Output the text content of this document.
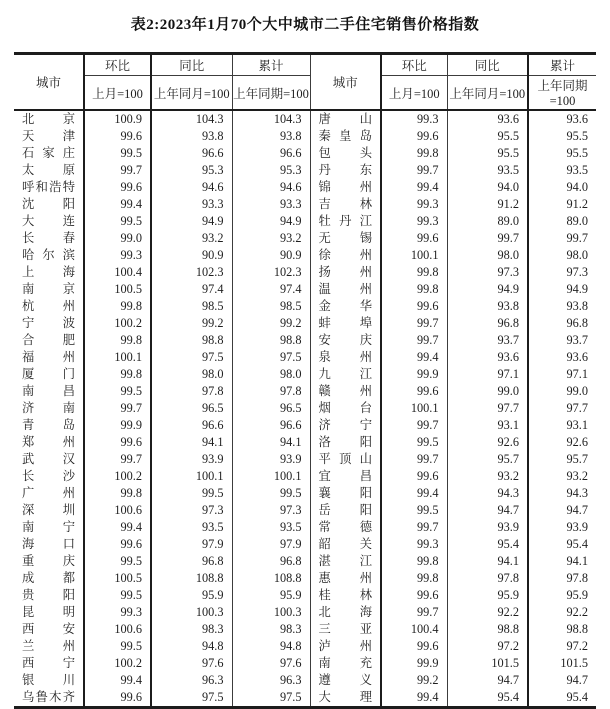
表2:2023年1月70个大中城市二手住宅销售价格指数
城市	环比	同比	累计	城市	环比	同比	累计
	上月=100	上年同月=100	上年同期=100		上月=100	上年同月=100	上年同期=100
北京	100.9	104.3	104.3	唐山	99.3	93.6	93.6
天津	99.6	93.8	93.8	秦皇岛	99.6	95.5	95.5
石家庄	99.5	96.6	96.6	包头	99.8	95.5	95.5
太原	99.7	95.3	95.3	丹东	99.7	93.5	93.5
呼和浩特	99.6	94.6	94.6	锦州	99.4	94.0	94.0
沈阳	99.4	93.3	93.3	吉林	99.3	91.2	91.2
大连	99.5	94.9	94.9	牡丹江	99.3	89.0	89.0
长春	99.0	93.2	93.2	无锡	99.6	99.7	99.7
哈尔滨	99.3	90.9	90.9	徐州	100.1	98.0	98.0
上海	100.4	102.3	102.3	扬州	99.8	97.3	97.3
南京	100.5	97.4	97.4	温州	99.8	94.9	94.9
杭州	99.8	98.5	98.5	金华	99.6	93.8	93.8
宁波	100.2	99.2	99.2	蚌埠	99.7	96.8	96.8
合肥	99.8	98.8	98.8	安庆	99.7	93.7	93.7
福州	100.1	97.5	97.5	泉州	99.4	93.6	93.6
厦门	99.8	98.0	98.0	九江	99.9	97.1	97.1
南昌	99.5	97.8	97.8	赣州	99.6	99.0	99.0
济南	99.7	96.5	96.5	烟台	100.1	97.7	97.7
青岛	99.9	96.6	96.6	济宁	99.7	93.1	93.1
郑州	99.6	94.1	94.1	洛阳	99.5	92.6	92.6
武汉	99.7	93.9	93.9	平顶山	99.7	95.7	95.7
长沙	100.2	100.1	100.1	宜昌	99.6	93.2	93.2
广州	99.8	99.5	99.5	襄阳	99.4	94.3	94.3
深圳	100.6	97.3	97.3	岳阳	99.5	94.7	94.7
南宁	99.4	93.5	93.5	常德	99.7	93.9	93.9
海口	99.6	97.9	97.9	韶关	99.3	95.4	95.4
重庆	99.5	96.8	96.8	湛江	99.8	94.1	94.1
成都	100.5	108.8	108.8	惠州	99.8	97.8	97.8
贵阳	99.5	95.9	95.9	桂林	99.6	95.9	95.9
昆明	99.3	100.3	100.3	北海	99.7	92.2	92.2
西安	100.6	98.3	98.3	三亚	100.4	98.8	98.8
兰州	99.5	94.8	94.8	泸州	99.6	97.2	97.2
西宁	100.2	97.6	97.6	南充	99.9	101.5	101.5
银川	99.4	96.3	96.3	遵义	99.2	94.7	94.7
乌鲁木齐	99.6	97.5	97.5	大理	99.4	95.4	95.4
